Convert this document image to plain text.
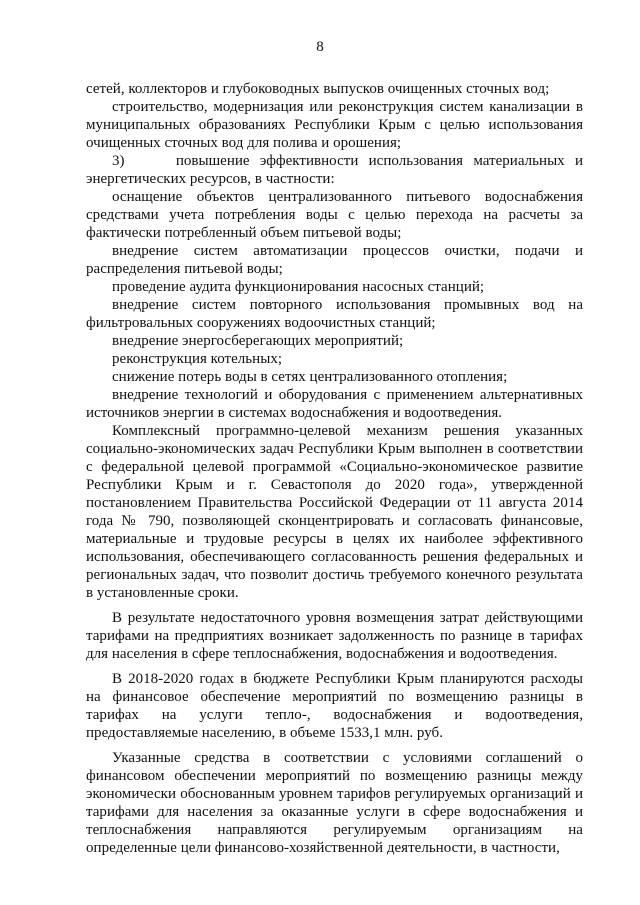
8

сетей, коллекторов и глубоководных выпусков очищенных сточных вод;

строительство, модернизация или реконструкция систем канализации в муниципальных образованиях Республики Крым с целью использования очищенных сточных вод для полива и орошения;

3)     повышение эффективности использования материальных и энергетических ресурсов, в частности:

оснащение объектов централизованного питьевого водоснабжения средствами учета потребления воды с целью перехода на расчеты за фактически потребленный объем питьевой воды;

внедрение систем автоматизации процессов очистки, подачи и распределения питьевой воды;

проведение аудита функционирования насосных станций;

внедрение систем повторного использования промывных вод на фильтровальных сооружениях водоочистных станций;

внедрение энергосберегающих мероприятий;

реконструкция котельных;

снижение потерь воды в сетях централизованного отопления;

внедрение технологий и оборудования с применением альтернативных источников энергии в системах водоснабжения и водоотведения.

Комплексный программно-целевой механизм решения указанных социально-экономических задач Республики Крым выполнен в соответствии с федеральной целевой программой «Социально-экономическое развитие Республики Крым и г. Севастополя до 2020 года», утвержденной постановлением Правительства Российской Федерации от 11 августа 2014 года № 790, позволяющей сконцентрировать и согласовать финансовые, материальные и трудовые ресурсы в целях их наиболее эффективного использования, обеспечивающего согласованность решения федеральных и региональных задач, что позволит достичь требуемого конечного результата в установленные сроки.

В результате недостаточного уровня возмещения затрат действующими тарифами на предприятиях возникает задолженность по разнице в тарифах для населения в сфере теплоснабжения, водоснабжения и водоотведения.

В 2018-2020 годах в бюджете Республики Крым планируются расходы на финансовое обеспечение мероприятий по возмещению разницы в тарифах на услуги тепло-, водоснабжения и водоотведения, предоставляемые населению, в объеме 1533,1 млн. руб.

Указанные средства в соответствии с условиями соглашений о финансовом обеспечении мероприятий по возмещению разницы между экономически обоснованным уровнем тарифов регулируемых организаций и тарифами для населения за оказанные услуги в сфере водоснабжения и теплоснабжения направляются регулируемым организациям на определенные цели финансово-хозяйственной деятельности, в частности,
